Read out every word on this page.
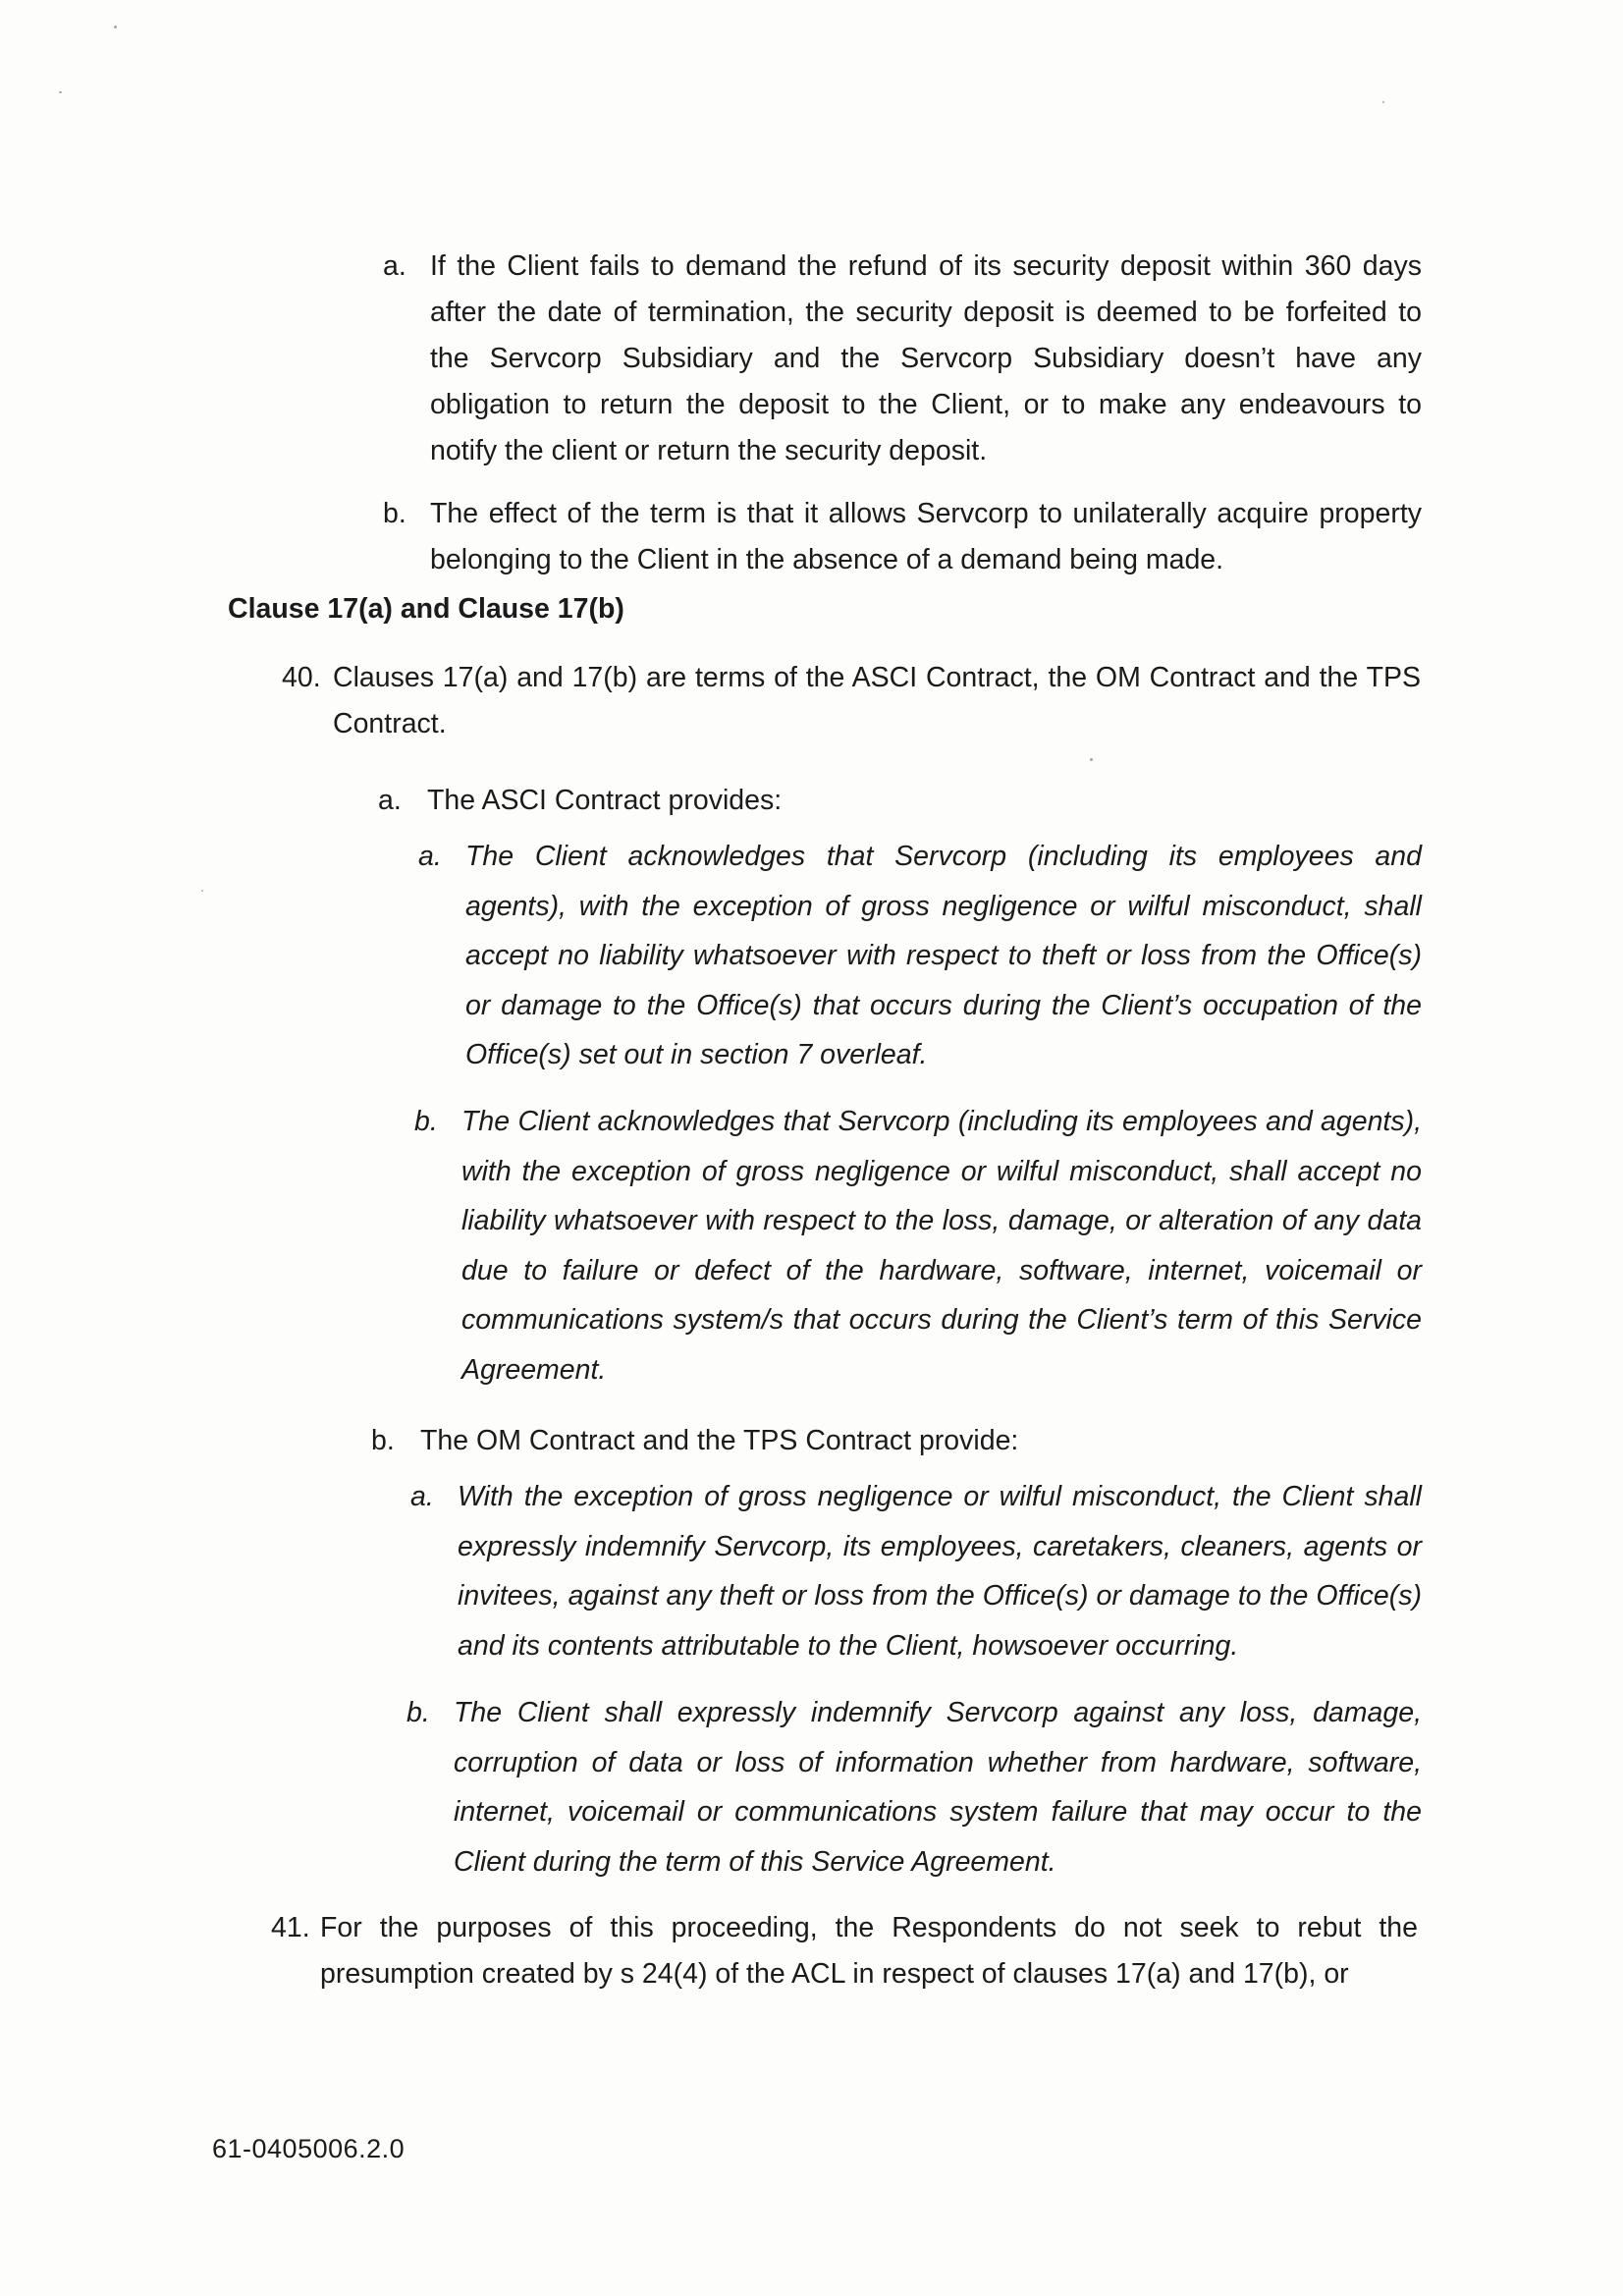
a. If the Client fails to demand the refund of its security deposit within 360 days after the date of termination, the security deposit is deemed to be forfeited to the Servcorp Subsidiary and the Servcorp Subsidiary doesn’t have any obligation to return the deposit to the Client, or to make any endeavours to notify the client or return the security deposit.
b. The effect of the term is that it allows Servcorp to unilaterally acquire property belonging to the Client in the absence of a demand being made.
Clause 17(a) and Clause 17(b)
40. Clauses 17(a) and 17(b) are terms of the ASCI Contract, the OM Contract and the TPS Contract.
a. The ASCI Contract provides:
a. The Client acknowledges that Servcorp (including its employees and agents), with the exception of gross negligence or wilful misconduct, shall accept no liability whatsoever with respect to theft or loss from the Office(s) or damage to the Office(s) that occurs during the Client’s occupation of the Office(s) set out in section 7 overleaf.
b. The Client acknowledges that Servcorp (including its employees and agents), with the exception of gross negligence or wilful misconduct, shall accept no liability whatsoever with respect to the loss, damage, or alteration of any data due to failure or defect of the hardware, software, internet, voicemail or communications system/s that occurs during the Client’s term of this Service Agreement.
b. The OM Contract and the TPS Contract provide:
a. With the exception of gross negligence or wilful misconduct, the Client shall expressly indemnify Servcorp, its employees, caretakers, cleaners, agents or invitees, against any theft or loss from the Office(s) or damage to the Office(s) and its contents attributable to the Client, howsoever occurring.
b. The Client shall expressly indemnify Servcorp against any loss, damage, corruption of data or loss of information whether from hardware, software, internet, voicemail or communications system failure that may occur to the Client during the term of this Service Agreement.
41. For the purposes of this proceeding, the Respondents do not seek to rebut the presumption created by s 24(4) of the ACL in respect of clauses 17(a) and 17(b), or
61-0405006.2.0
